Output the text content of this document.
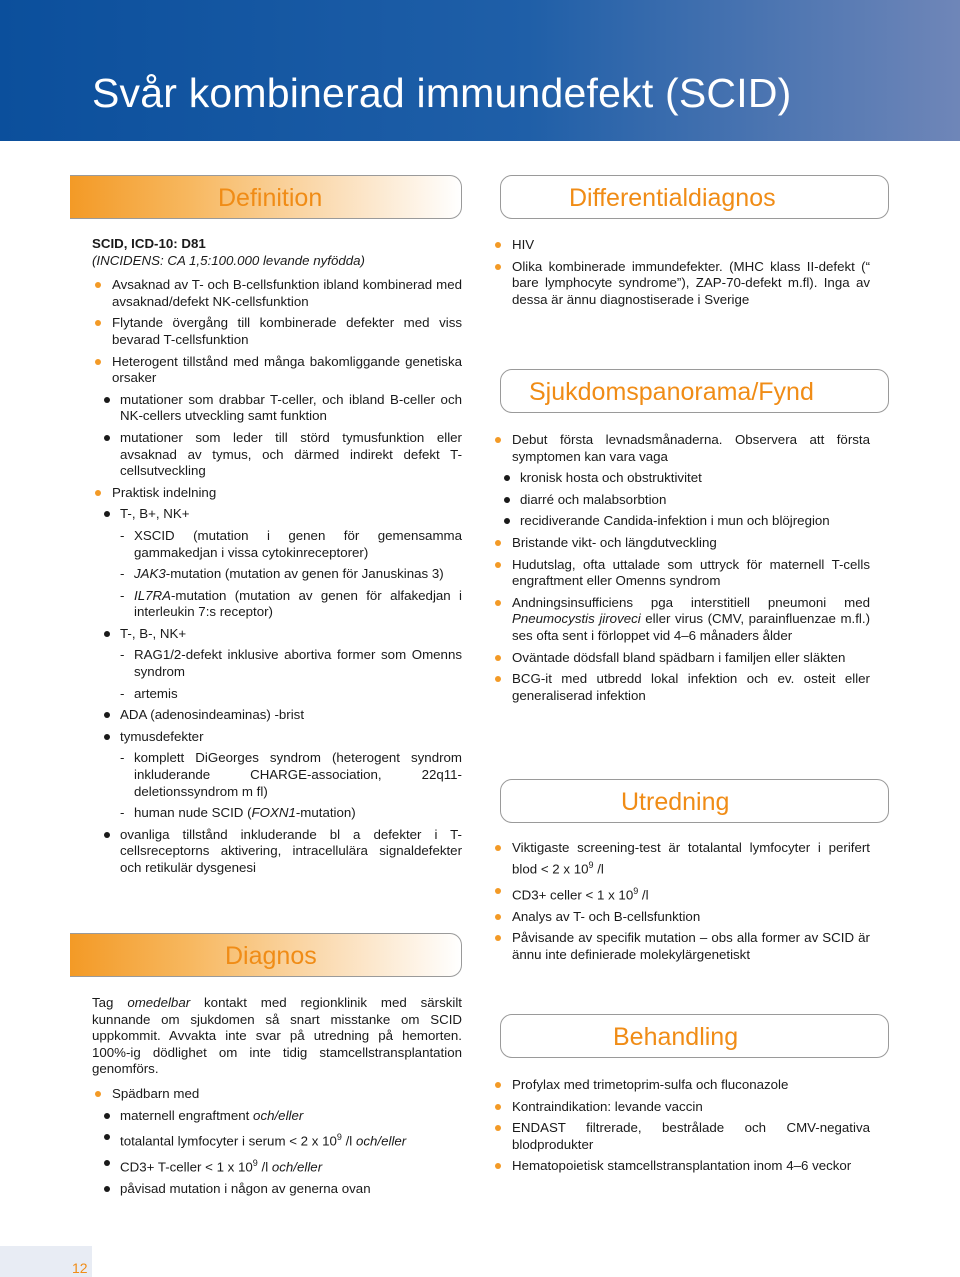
Svår kombinerad immundefekt (SCID)
Definition	Differentialdiagnos
Sjukdomspanorama/Fynd
Utredning
Diagnos
Behandling
SCID, ICD-10: D81
(INCIDENS: CA 1,5:100.000 levande nyfödda)
Avsaknad av T- och B-cellsfunktion ibland kombinerad med avsaknad/defekt NK-cellsfunktion
Flytande övergång till kombinerade defekter med viss bevarad T-cellsfunktion
Heterogent tillstånd med många bakomliggande genetiska orsaker
mutationer som drabbar T-celler, och ibland B-celler och NK-cellers utveckling samt funktion
mutationer som leder till störd tymusfunktion eller avsaknad av tymus, och därmed indirekt defekt T-cellsutveckling
Praktisk indelning
T-, B+, NK+
- XSCID (mutation i genen för gemensamma gammakedjan i vissa cytokinreceptorer)
- JAK3-mutation (mutation av genen för Januskinas 3)
- IL7RA-mutation (mutation av genen för alfakedjan i interleukin 7:s receptor)
T-, B-, NK+
- RAG1/2-defekt inklusive abortiva former som Omenns syndrom
- artemis
ADA (adenosindeaminas) -brist
tymusdefekter
- komplett DiGeorges syndrom (heterogent syndrom inkluderande CHARGE-association, 22q11-deletionssyndrom m fl)
- human nude SCID (FOXN1-mutation)
ovanliga tillstånd inkluderande bl a defekter i T-cellsreceptorns aktivering, intracellulära signaldefekter och retikulär dysgenesi
Tag omedelbar kontakt med regionklinik med särskilt kunnande om sjukdomen så snart misstanke om SCID uppkommit. Avvakta inte svar på utredning på hemorten. 100%-ig dödlighet om inte tidig stamcellstransplantation genomförs.
Spädbarn med
maternell engraftment och/eller
totalantal lymfocyter i serum < 2 x $10^9$ /l och/eller
CD3+ T-celler < 1 x $10^9$ /l och/eller
påvisad mutation i någon av generna ovan
HIV
Olika kombinerade immundefekter. (MHC klass II-defekt (“ bare lymphocyte syndrome”), ZAP-70-defekt m.fl). Inga av dessa är ännu diagnostiserade i Sverige
Debut första levnadsmånaderna. Observera att första symptomen kan vara vaga
kronisk hosta och obstruktivitet
diarré och malabsorbtion
recidiverande Candida-infektion i mun och blöjregion
Bristande vikt- och längdutveckling
Hudutslag, ofta uttalade som uttryck för maternell T-cells engraftment eller Omenns syndrom
Andningsinsufficiens pga interstitiell pneumoni med Pneumocystis jiroveci eller virus (CMV, parainfluenzae m.fl.) ses ofta sent i förloppet vid 4–6 månaders ålder
Oväntade dödsfall bland spädbarn i familjen eller släkten
BCG-it med utbredd lokal infektion och ev. osteit eller generaliserad infektion
Viktigaste screening-test är totalantal lymfocyter i perifert blod < 2 x $10^9$ /l
CD3+ celler < 1 x $10^9$ /l
Analys av T- och B-cellsfunktion
Påvisande av specifik mutation – obs alla former av SCID är ännu inte definierade molekylärgenetiskt
Profylax med trimetoprim-sulfa och fluconazole
Kontraindikation: levande vaccin
ENDAST filtrerade, bestrålade och CMV-negativa blodprodukter
Hematopoietisk stamcellstransplantation inom 4–6 veckor
12
